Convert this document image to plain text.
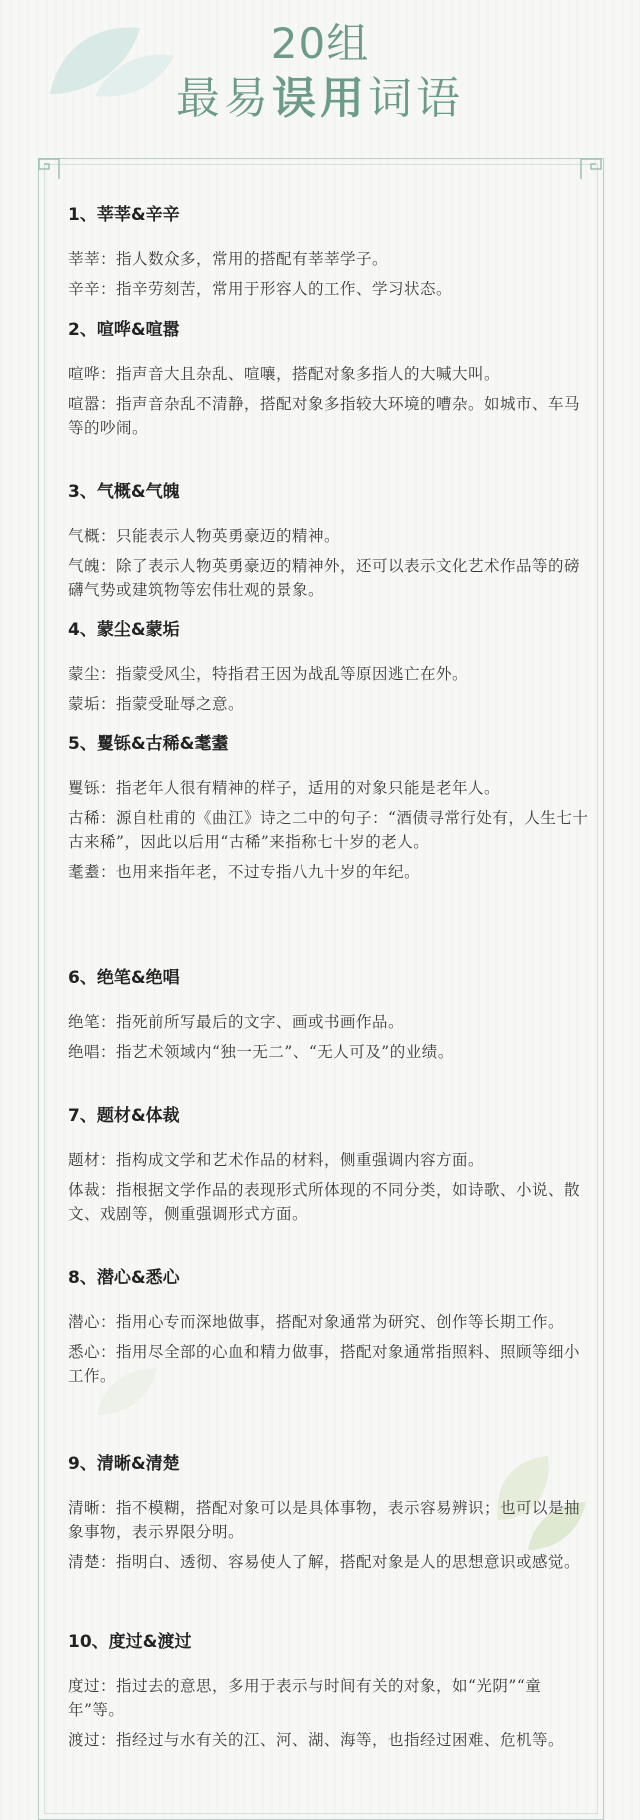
20组
最易误用词语
1、莘莘&辛辛
莘莘：指人数众多，常用的搭配有莘莘学子。
辛辛：指辛劳刻苦，常用于形容人的工作、学习状态。
2、喧哗&喧嚣
喧哗：指声音大且杂乱、喧嚷，搭配对象多指人的大喊大叫。
喧嚣：指声音杂乱不清静，搭配对象多指较大环境的嘈杂。如城市、车马等的吵闹。
3、气概&气魄
气概：只能表示人物英勇豪迈的精神。
气魄：除了表示人物英勇豪迈的精神外，还可以表示文化艺术作品等的磅礴气势或建筑物等宏伟壮观的景象。
4、蒙尘&蒙垢
蒙尘：指蒙受风尘，特指君王因为战乱等原因逃亡在外。
蒙垢：指蒙受耻辱之意。
5、矍铄&古稀&耄耋
矍铄：指老年人很有精神的样子，适用的对象只能是老年人。
古稀：源自杜甫的《曲江》诗之二中的句子：“酒债寻常行处有，人生七十古来稀”，因此以后用“古稀”来指称七十岁的老人。
耄耋：也用来指年老，不过专指八九十岁的年纪。
6、绝笔&绝唱
绝笔：指死前所写最后的文字、画或书画作品。
绝唱：指艺术领域内“独一无二”、“无人可及”的业绩。
7、题材&体裁
题材：指构成文学和艺术作品的材料，侧重强调内容方面。
体裁：指根据文学作品的表现形式所体现的不同分类，如诗歌、小说、散文、戏剧等，侧重强调形式方面。
8、潜心&悉心
潜心：指用心专而深地做事，搭配对象通常为研究、创作等长期工作。
悉心：指用尽全部的心血和精力做事，搭配对象通常指照料、照顾等细小工作。
9、清晰&清楚
清晰：指不模糊，搭配对象可以是具体事物，表示容易辨识；也可以是抽象事物，表示界限分明。
清楚：指明白、透彻、容易使人了解，搭配对象是人的思想意识或感觉。
10、度过&渡过
度过：指过去的意思，多用于表示与时间有关的对象，如“光阴”“童年”等。
渡过：指经过与水有关的江、河、湖、海等，也指经过困难、危机等。
